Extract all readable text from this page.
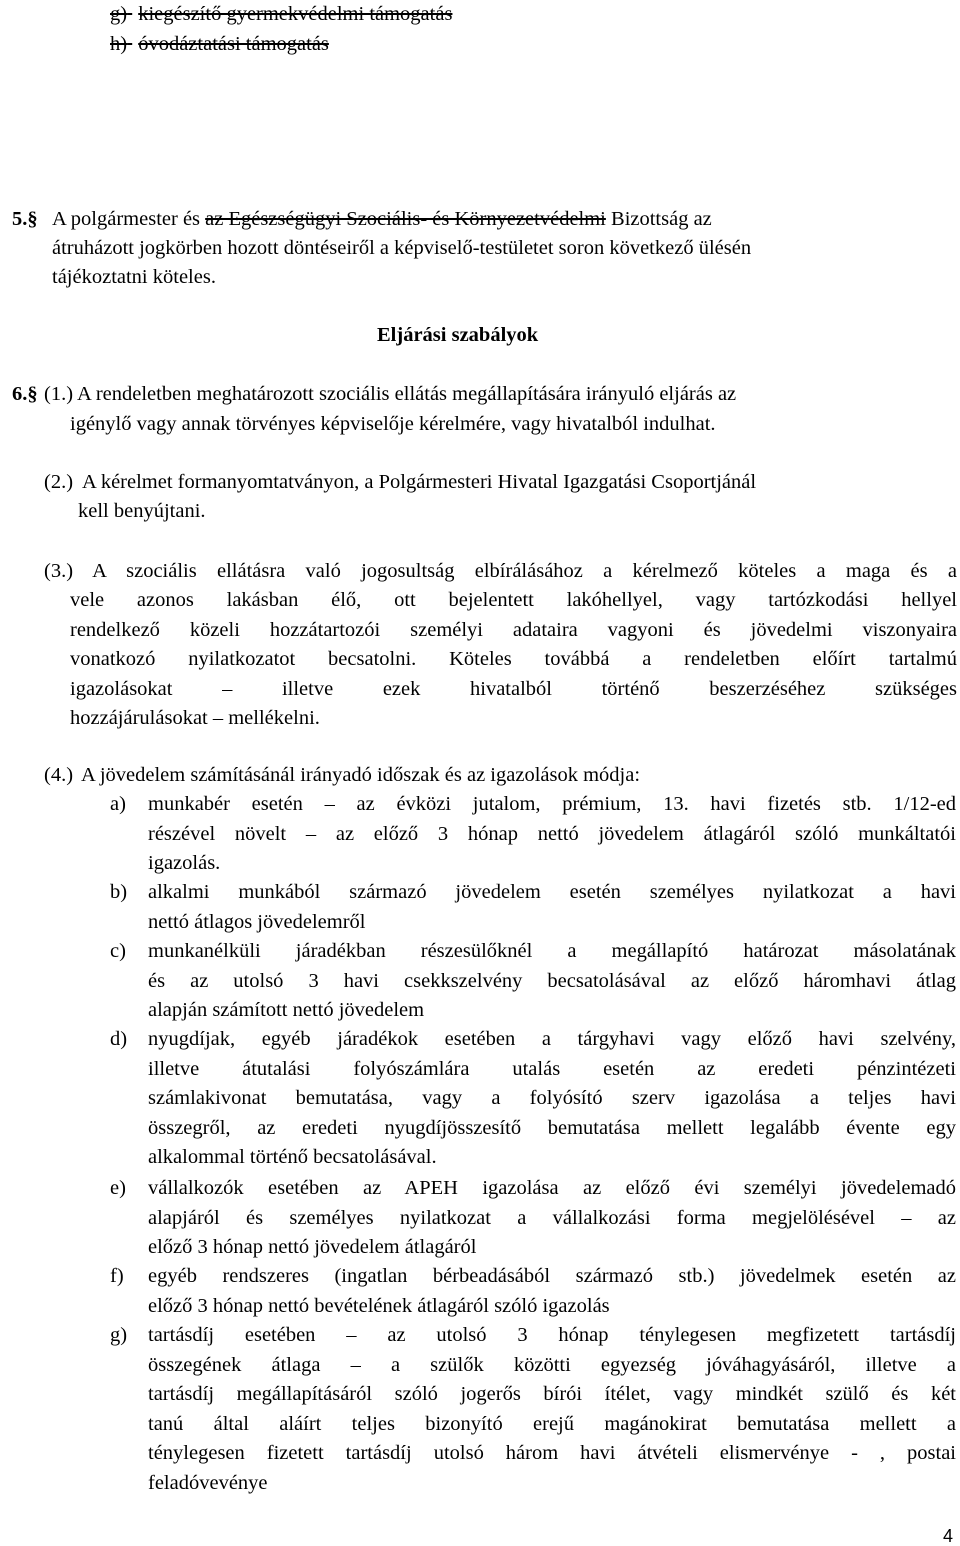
g) kiegészítő gyermekvédelmi támogatás
h) óvodáztatási támogatás
5.§ A polgármester és az Egészségügyi Szociális- és Környezetvédelmi Bizottság az
átruházott jogkörben hozott döntéseiről a képviselő-testületet soron következő ülésén
tájékoztatni köteles.
Eljárási szabályok
6.§ (1.) A rendeletben meghatározott szociális ellátás megállapítására irányuló eljárás az
igénylő vagy annak törvényes képviselője kérelmére, vagy hivatalból indulhat.
(2.) A kérelmet formanyomtatványon, a Polgármesteri Hivatal Igazgatási Csoportjánál
kell benyújtani.
(3.) A szociális ellátásra való jogosultság elbírálásához a kérelmező köteles a maga és a
vele azonos lakásban élő, ott bejelentett lakóhellyel, vagy tartózkodási hellyel
rendelkező közeli hozzátartozói személyi adataira vagyoni és jövedelmi viszonyaira
vonatkozó nyilatkozatot becsatolni. Köteles továbbá a rendeletben előírt tartalmú
igazolásokat – illetve ezek hivatalból történő beszerzéséhez szükséges
hozzájárulásokat – mellékelni.
(4.) A jövedelem számításánál irányadó időszak és az igazolások módja:
a) munkabér esetén – az évközi jutalom, prémium, 13. havi fizetés stb. 1/12-ed
részével növelt – az előző 3 hónap nettó jövedelem átlagáról szóló munkáltatói
igazolás.
b) alkalmi munkából származó jövedelem esetén személyes nyilatkozat a havi
nettó átlagos jövedelemről
c) munkanélküli járadékban részesülőknél a megállapító határozat másolatának
és az utolsó 3 havi csekkszelvény becsatolásával az előző háromhavi átlag
alapján számított nettó jövedelem
d) nyugdíjak, egyéb járadékok esetében a tárgyhavi vagy előző havi szelvény,
illetve átutalási folyószámlára utalás esetén az eredeti pénzintézeti
számlakivonat bemutatása, vagy a folyósító szerv igazolása a teljes havi
összegről, az eredeti nyugdíjösszesítő bemutatása mellett legalább évente egy
alkalommal történő becsatolásával.
e) vállalkozók esetében az APEH igazolása az előző évi személyi jövedelemadó
alapjáról és személyes nyilatkozat a vállalkozási forma megjelölésével – az
előző 3 hónap nettó jövedelem átlagáról
f) egyéb rendszeres (ingatlan bérbeadásából származó stb.) jövedelmek esetén az
előző 3 hónap nettó bevételének átlagáról szóló igazolás
g) tartásdíj esetében – az utolsó 3 hónap ténylegesen megfizetett tartásdíj
összegének átlaga – a szülők közötti egyezség jóváhagyásáról, illetve a
tartásdíj megállapításáról szóló jogerős bírói ítélet, vagy mindkét szülő és két
tanú által aláírt teljes bizonyító erejű magánokirat bemutatása mellett a
ténylegesen fizetett tartásdíj utolsó három havi átvételi elismervénye - , postai
feladóvevénye
4
